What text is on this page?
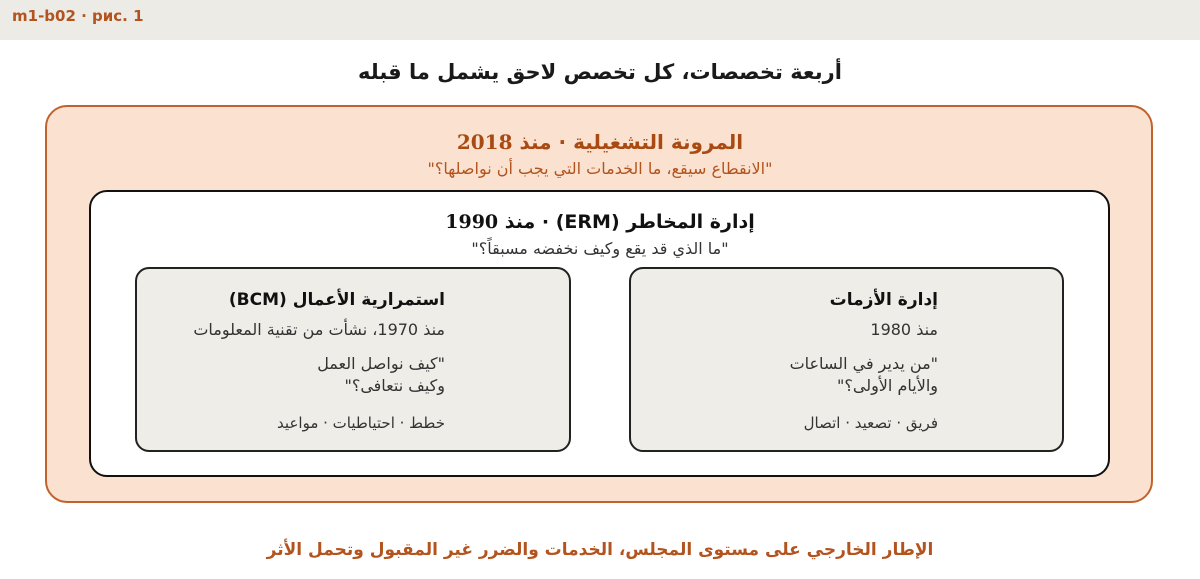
m1-b02 · рис. 1
أربعة تخصصات، كل تخصص لاحق يشمل ما قبله
المرونة التشغيلية · منذ 2018
"الانقطاع سيقع، ما الخدمات التي يجب أن نواصلها؟"
إدارة المخاطر (ERM) · منذ 1990
"ما الذي قد يقع وكيف نخفضه مسبقاً؟"
إدارة الأزمات
منذ 1980
"من يدير في الساعات
والأيام الأولى؟"
فريق · تصعيد · اتصال
استمرارية الأعمال (BCM)
منذ 1970، نشأت من تقنية المعلومات
"كيف نواصل العمل
وكيف نتعافى؟"
خطط · احتياطيات · مواعيد
الإطار الخارجي على مستوى المجلس، الخدمات والضرر غير المقبول وتحمل الأثر
